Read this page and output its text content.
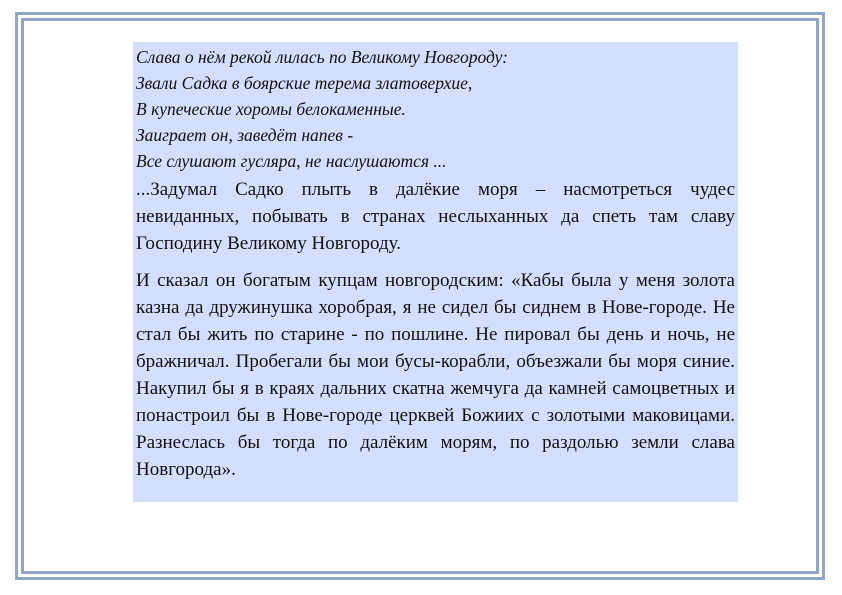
Слава о нём рекой лилась по Великому Новгороду:
Звали Садка в боярские терема златоверхие,
В купеческие хоромы белокаменные.
Заиграет он, заведёт напев -
Все слушают гусляра, не наслушаются ...

...Задумал Садко плыть в далёкие моря – насмотреться чудес невиданных, побывать в странах неслыханных да спеть там славу Господину Великому Новгороду.

И сказал он богатым купцам новгородским: «Кабы была у меня золота казна да дружинушка хоробрая, я не сидел бы сиднем в Нове-городе. Не стал бы жить по старине - по пошлине. Не пировал бы день и ночь, не бражничал. Пробегали бы мои бусы-корабли, объезжали бы моря синие. Накупил бы я в краях дальних скатна жемчуга да камней самоцветных и понастроил бы в Нове-городе церквей Божиих с золотыми маковицами. Разнеслась бы тогда по далёким морям, по раздолью земли слава Новгорода».
